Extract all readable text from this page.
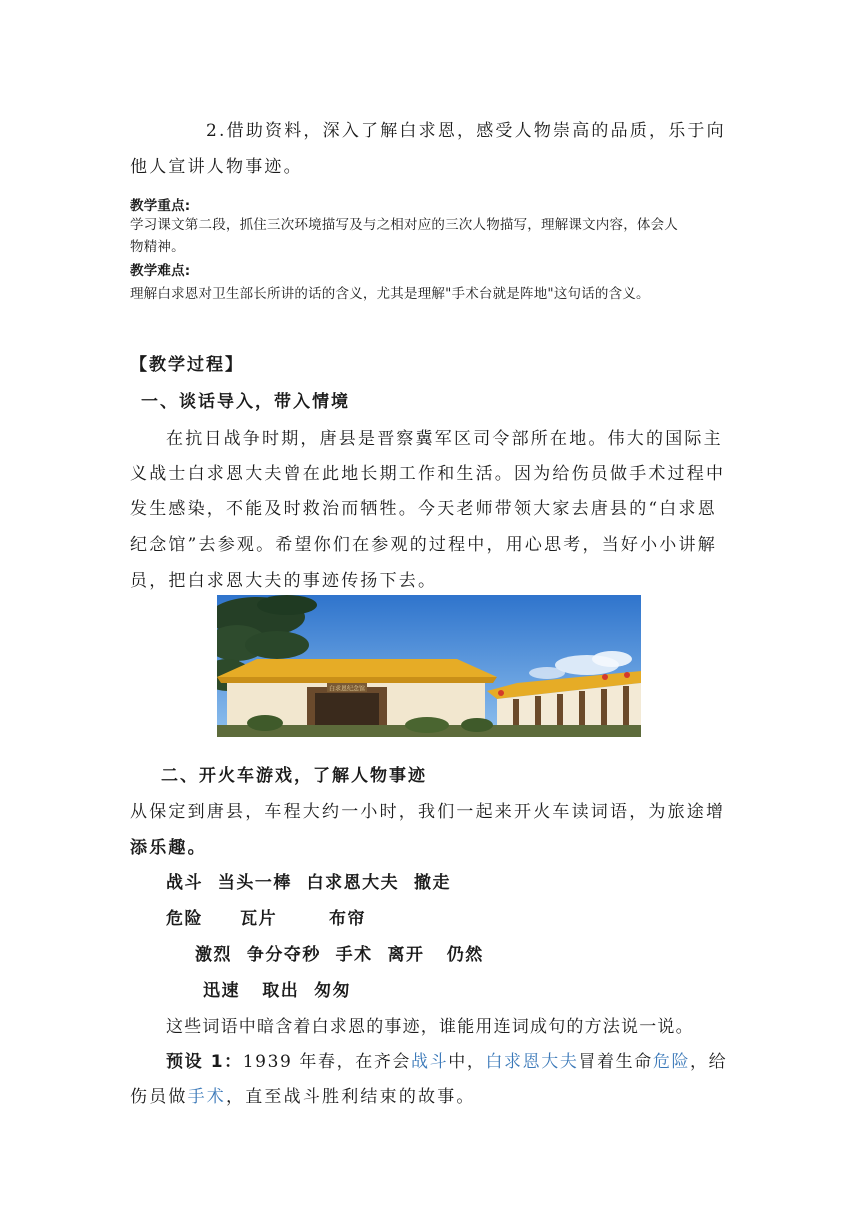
2.借助资料，深入了解白求恩，感受人物崇高的品质，乐于向
他人宣讲人物事迹。
教学重点:
学习课文第二段，抓住三次环境描写及与之相对应的三次人物描写，理解课文内容，体会人
物精神。
教学难点:
理解白求恩对卫生部长所讲的话的含义，尤其是理解"手术台就是阵地"这句话的含义。
【教学过程】
一、谈话导入，带入情境
在抗日战争时期，唐县是晋察冀军区司令部所在地。伟大的国际主
义战士白求恩大夫曾在此地长期工作和生活。因为给伤员做手术过程中
发生感染，不能及时救治而牺牲。今天老师带领大家去唐县的“白求恩
纪念馆”去参观。希望你们在参观的过程中，用心思考，当好小小讲解
员，把白求恩大夫的事迹传扬下去。
白求恩纪念馆
二、开火车游戏，了解人物事迹
从保定到唐县，车程大约一小时，我们一起来开火车读词语，为旅途增
添乐趣。
战斗  当头一棒  白求恩大夫  撤走
危险     瓦片       布帘
激烈  争分夺秒  手术  离开   仍然
迅速   取出  匆匆
这些词语中暗含着白求恩的事迹，谁能用连词成句的方法说一说。
预设 1：1939 年春，在齐会战斗中，白求恩大夫冒着生命危险，给
伤员做手术，直至战斗胜利结束的故事。
